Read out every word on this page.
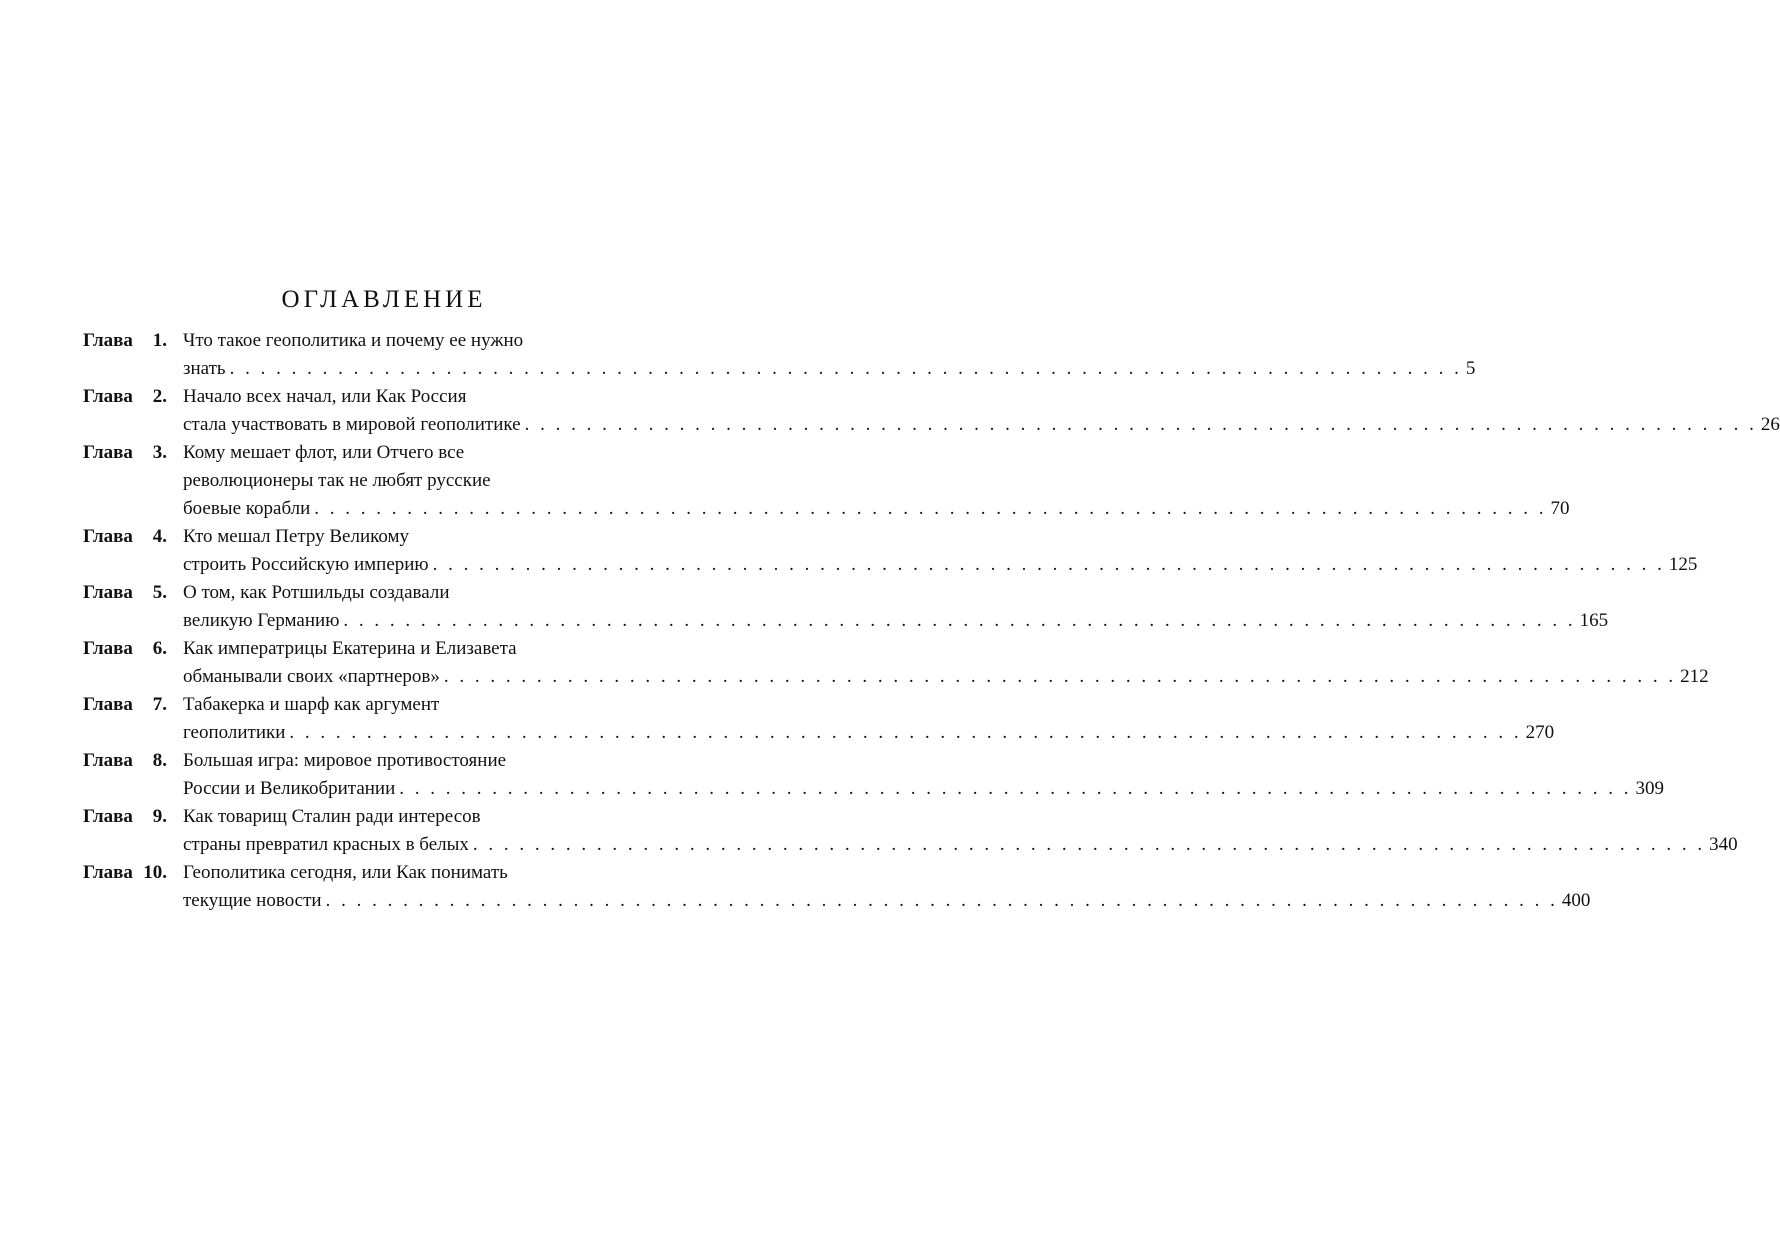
ОГЛАВЛЕНИЕ
Глава 1. Что такое геополитика и почему ее нужно
знать . . . . . . . . . . . . . . . . . . . . . . . . . . . . . . . . . . . . . . . . . . . . . . . . . . . . . . . . . . . . . . . . . . . . . . . . . . . . . . . . 5
Глава 2. Начало всех начал, или Как Россия
стала участвовать в мировой геополитике . . . . . . . . . . . . . . . . . . . . . . . . . . . . . . . . . . . . . . . . . . . . . . . . . . . . . . . . . . . . . . . . . . . . . . . . . . . . . . . . 26
Глава 3. Кому мешает флот, или Отчего все
революционеры так не любят русские
боевые корабли . . . . . . . . . . . . . . . . . . . . . . . . . . . . . . . . . . . . . . . . . . . . . . . . . . . . . . . . . . . . . . . . . . . . . . . . . . . . . . . . 70
Глава 4. Кто мешал Петру Великому
строить Российскую империю . . . . . . . . . . . . . . . . . . . . . . . . . . . . . . . . . . . . . . . . . . . . . . . . . . . . . . . . . . . . . . . . . . . . . . . . . . . . . . . . 125
Глава 5. О том, как Ротшильды создавали
великую Германию . . . . . . . . . . . . . . . . . . . . . . . . . . . . . . . . . . . . . . . . . . . . . . . . . . . . . . . . . . . . . . . . . . . . . . . . . . . . . . . . 165
Глава 6. Как императрицы Екатерина и Елизавета
обманывали своих «партнеров» . . . . . . . . . . . . . . . . . . . . . . . . . . . . . . . . . . . . . . . . . . . . . . . . . . . . . . . . . . . . . . . . . . . . . . . . . . . . . . . . 212
Глава 7. Табакерка и шарф как аргумент
геополитики . . . . . . . . . . . . . . . . . . . . . . . . . . . . . . . . . . . . . . . . . . . . . . . . . . . . . . . . . . . . . . . . . . . . . . . . . . . . . . . . 270
Глава 8. Большая игра: мировое противостояние
России и Великобритании . . . . . . . . . . . . . . . . . . . . . . . . . . . . . . . . . . . . . . . . . . . . . . . . . . . . . . . . . . . . . . . . . . . . . . . . . . . . . . . . 309
Глава 9. Как товарищ Сталин ради интересов
страны превратил красных в белых . . . . . . . . . . . . . . . . . . . . . . . . . . . . . . . . . . . . . . . . . . . . . . . . . . . . . . . . . . . . . . . . . . . . . . . . . . . . . . . . 340
Глава 10. Геополитика сегодня, или Как понимать
текущие новости . . . . . . . . . . . . . . . . . . . . . . . . . . . . . . . . . . . . . . . . . . . . . . . . . . . . . . . . . . . . . . . . . . . . . . . . . . . . . . . . 400
